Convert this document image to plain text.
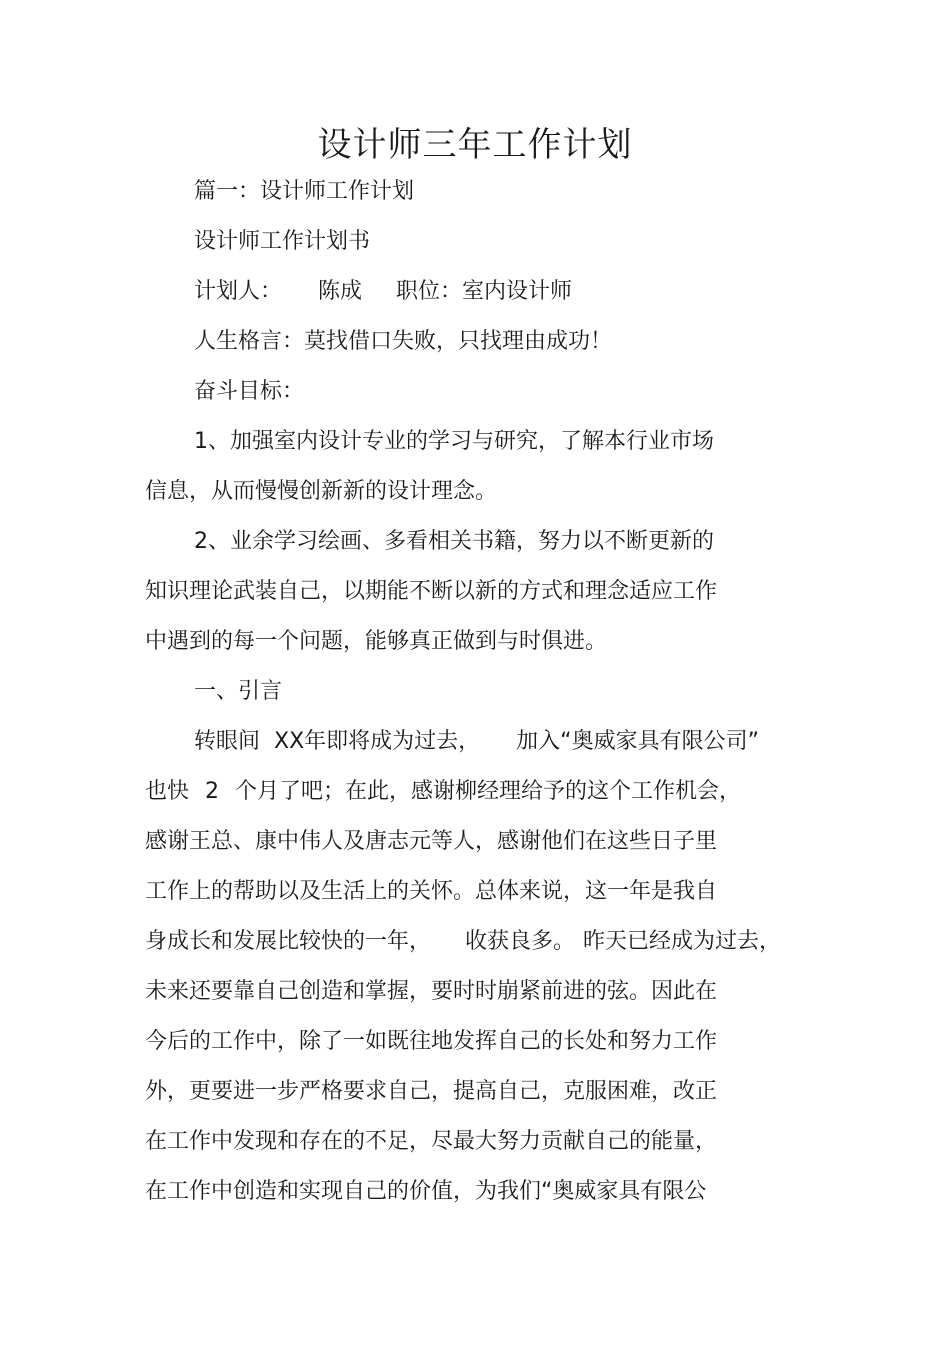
设计师三年工作计划
篇一：设计师工作计划
设计师工作计划书
计划人： 陈成 职位：室内设计师
人生格言：莫找借口失败，只找理由成功！
奋斗目标：
1、加强室内设计专业的学习与研究，了解本行业市场
信息，从而慢慢创新新的设计理念。
2、业余学习绘画、多看相关书籍，努力以不断更新的
知识理论武装自己，以期能不断以新的方式和理念适应工作
中遇到的每一个问题，能够真正做到与时俱进。
一、引言
转眼间 XX年即将成为过去， 加入“奥威家具有限公司”
也快 2 个月了吧；在此，感谢柳经理给予的这个工作机会，
感谢王总、康中伟人及唐志元等人，感谢他们在这些日子里
工作上的帮助以及生活上的关怀。总体来说，这一年是我自
身成长和发展比较快的一年， 收获良多。 昨天已经成为过去，
未来还要靠自己创造和掌握，要时时崩紧前进的弦。因此在
今后的工作中，除了一如既往地发挥自己的长处和努力工作
外，更要进一步严格要求自己，提高自己，克服困难，改正
在工作中发现和存在的不足，尽最大努力贡献自己的能量，
在工作中创造和实现自己的价值，为我们“奥威家具有限公
